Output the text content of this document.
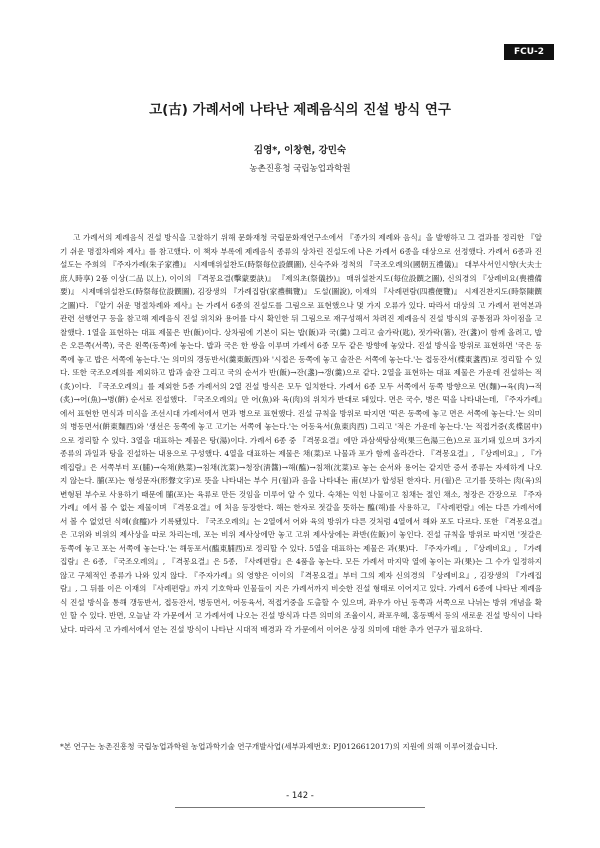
FCU-2
고(古) 가례서에 나타난 제례음식의 진설 방식 연구
김영*, 이창현, 강민숙
농촌진흥청 국립농업과학원

고 가례서의 제례음식 진설 방식을 고찰하기 위해 문화재청 국립문화재연구소에서 『종가의 제례와 음식』을 발행하고 그 결과를 정리한 『알기 쉬운 명절차례와 제사』를 참고했다. 이 책자 부록에 제례음식 종류의 상차린 진설도에 나온 가례서 6종을 대상으로 선정했다. 가례서 6종과 진설도는 주희의 『주자가례(朱子家禮)』 시제매위설찬도(時祭每位設饌圖), 신숙주와 정척의 『국조오례의(國朝五禮儀)』 대부사서인시향(大夫士庶人時享) 2품 이상(二品 以上), 이이의 『격몽요결(擊蒙要訣)』 『제의초(祭儀抄)』 매위설찬지도(每位設饌之圖), 신의경의 『상례비요(喪禮備要)』 시제매위설찬도(時祭每位設饌圖), 김장생의 『가례집람(家禮輯覽)』 도설(圖說), 이재의 『사례편람(四禮便覽)』 시제진찬지도(時祭陳饌之圖)다. 『알기 쉬운 명절차례와 제사』는 가례서 6종의 진설도를 그림으로 표현했으나 몇 가지 오류가 있다. 따라서 대상의 고 가례서 편역본과 관련 선행연구 등을 참고해 제례음식 진설 위치와 용어를 다시 확인한 뒤 그림으로 재구성해서 차려진 제례음식 진설 방식의 공통점과 차이점을 고찰했다. 1열을 표현하는 대표 제물은 반(飯)이다. 상차림에 기본이 되는 밥(飯)과 국(羹) 그리고 술가락(匙), 젓가락(箸), 잔(盞)이 함께 올려고, 밥은 오른쪽(서쪽), 국은 왼쪽(동쪽)에 놓는다. 밥과 국은 한 쌍을 이루며 가례서 6종 모두 같은 방향에 놓았다. 진설 방식을 방위로 표현하면 '국은 동쪽에 놓고 밥은 서쪽에 놓는다.'는 의미의 갱동반서(羹東飯西)와 '시접은 동쪽에 놓고 술잔은 서쪽에 놓는다.'는 접동잔서(楪東盞西)로 정리할 수 있다. 또한 국조오례의를 제외하고 밥과 술잔 그리고 국의 순서가 반(飯)→잔(盞)→갱(羹)으로 같다. 2열을 표현하는 대표 제물은 가운데 진설하는 적(炙)이다. 『국조오례의』를 제외한 5종 가례서의 2열 진설 방식은 모두 일치한다. 가례서 6종 모두 서쪽에서 동쪽 방향으로 면(麵)→육(肉)→적(炙)→어(魚)→병(餠) 순서로 진설했다. 『국조오례의』만 어(魚)와 육(肉)의 위치가 반대로 돼있다. 면은 국수, 병은 떡을 나타내는데, 『주자가례』에서 표현한 면식과 미식을 조선시대 가례서에서 면과 병으로 표현했다. 진설 규칙을 방위로 따지면 '떡은 동쪽에 놓고 면은 서쪽에 놓는다.'는 의미의 병동면서(餠東麵西)와 '생선은 동쪽에 놓고 고기는 서쪽에 놓는다.'는 어동육서(魚東肉西) 그리고 '적은 가운데 놓는다.'는 적접거중(炙楪居中)으로 정리할 수 있다. 3열을 대표하는 제물은 탕(湯)이다. 가례서 6종 중 『격몽요결』에만 과삼색탕삼색(果三色湯三色)으로 표기돼 있으며 3가지 종류의 과일과 탕을 진설하는 내용으로 구성했다. 4열을 대표하는 제물은 채(菜)로 나물과 포가 함께 올라간다. 『격몽요결』, 『상례비요』, 『가례집람』은 서쪽부터 포(脯)→숙채(熟菜)→침채(沈菜)→청장(淸醬)→해(醢)→침채(沈菜)로 놓는 순서와 용어는 같지만 증서 종류는 자세하게 나오지 않는다. 脯(포)는 형성문자(形聲文字)로 뜻을 나타내는 부수 月(월)과 음을 나타내는 甫(보)가 합성된 한자다. 月(월)은 고기를 뜻하는 肉(육)의 변형된 부수로 사용하기 때문에 脯(포)는 육류로 만든 것임을 미루어 알 수 있다. 숙채는 익힌 나물이고 침채는 절인 채소, 청장은 간장으로 『주자가례』에서 볼 수 없는 제물이며 『격몽요결』에 처음 등장한다. 해는 한자로 젓갈을 뜻하는 醢(해)를 사용하고, 『사례편람』에는 다른 가례서에서 볼 수 없었던 식혜(食醯)가 기록됐있다. 『국조오례의』는 2열에서 어와 육의 방위가 다른 것처럼 4열에서 해와 포도 다르다. 또한 『격몽요결』은 고위와 비위의 제사상을 따로 차리는데, 포는 비위 제사상에만 놓고 고위 제사상에는 좌반(佐飯)이 놓인다. 진설 규칙을 방위로 따지면 '젓갈은 동쪽에 놓고 포는 서쪽에 놓는다.'는 해동포서(醢東脯西)로 정리할 수 있다. 5열을 대표하는 제물은 과(果)다. 『주자가례』, 『상례비요』, 『가례집람』은 6종, 『국조오례의』, 『격몽요결』은 5종, 『사례편람』은 4품을 놓는다. 모든 가례서 마지막 열에 놓이는 과(果)는 그 수가 일정하지 않고 구체적인 종류가 나와 있지 않다. 『주자가례』의 영향은 이이의 『격몽요결』부터 그의 제자 신의경의 『상례비요』, 김장생의 『가례집람』, 그 뒤를 이은 이재의 『사례편람』까지 기호학파 인물들이 지은 가례서까지 비슷한 진설 형태로 이어지고 있다. 가례서 6종에 나타난 제례음식 진설 방식을 통해 갱동반서, 접동잔서, 병동면서, 어동육서, 적접거중을 도출할 수 있으며, 좌우가 아닌 동쪽과 서쪽으로 나뉘는 방위 개념을 확인 할 수 있다. 반면, 오늘날 각 가문에서 고 가례서에 나오는 진설 방식과 다른 의미의 조율이시, 좌포우혜, 홍동백서 등의 새로운 진설 방식이 나타났다. 따라서 고 가례서에서 얻는 진설 방식이 나타난 시대적 배경과 각 가문에서 이어온 상징 의미에 대한 추가 연구가 필요하다.

*본 연구는 농촌진흥청 국립농업과학원 농업과학기술 연구개발사업(세부과제번호: PJ0126612017)의 지원에 의해 이루어졌습니다.

- 142 -
